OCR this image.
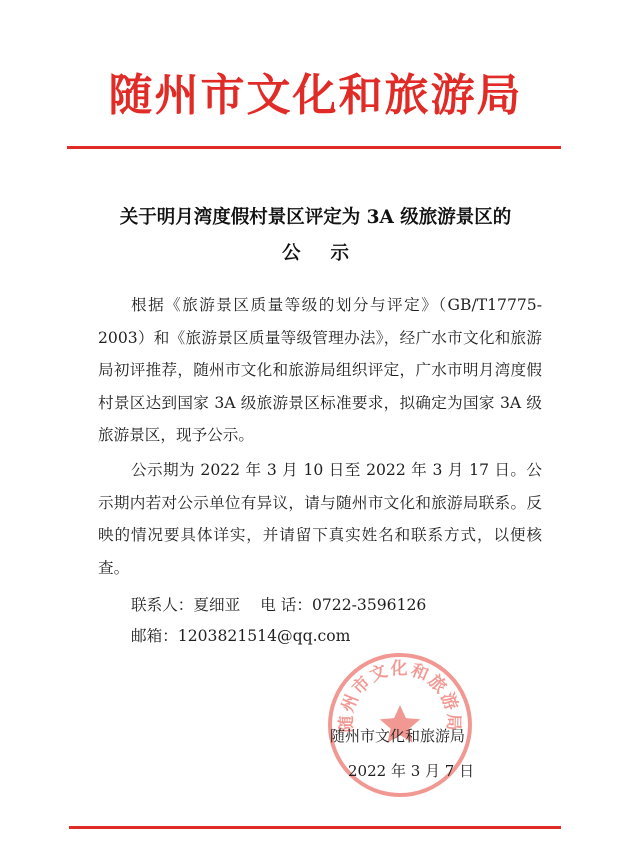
随州市文化和旅游局
关于明月湾度假村景区评定为 3A 级旅游景区的
公示

根据《旅游景区质量等级的划分与评定》（GB/T17775-2003）和《旅游景区质量等级管理办法》，经广水市文化和旅游局初评推荐，随州市文化和旅游局组织评定，广水市明月湾度假村景区达到国家 3A 级旅游景区标准要求，拟确定为国家 3A 级旅游景区，现予公示。

公示期为 2022 年 3 月 10 日至 2022 年 3 月 17 日。公示期内若对公示单位有异议，请与随州市文化和旅游局联系。反映的情况要具体详实，并请留下真实姓名和联系方式，以便核查。

联系人：夏细亚 电 话：0722-3596126
邮箱：1203821514@qq.com
随州市文化和旅游局
随州市文化和旅游局
2022 年 3 月 7 日
